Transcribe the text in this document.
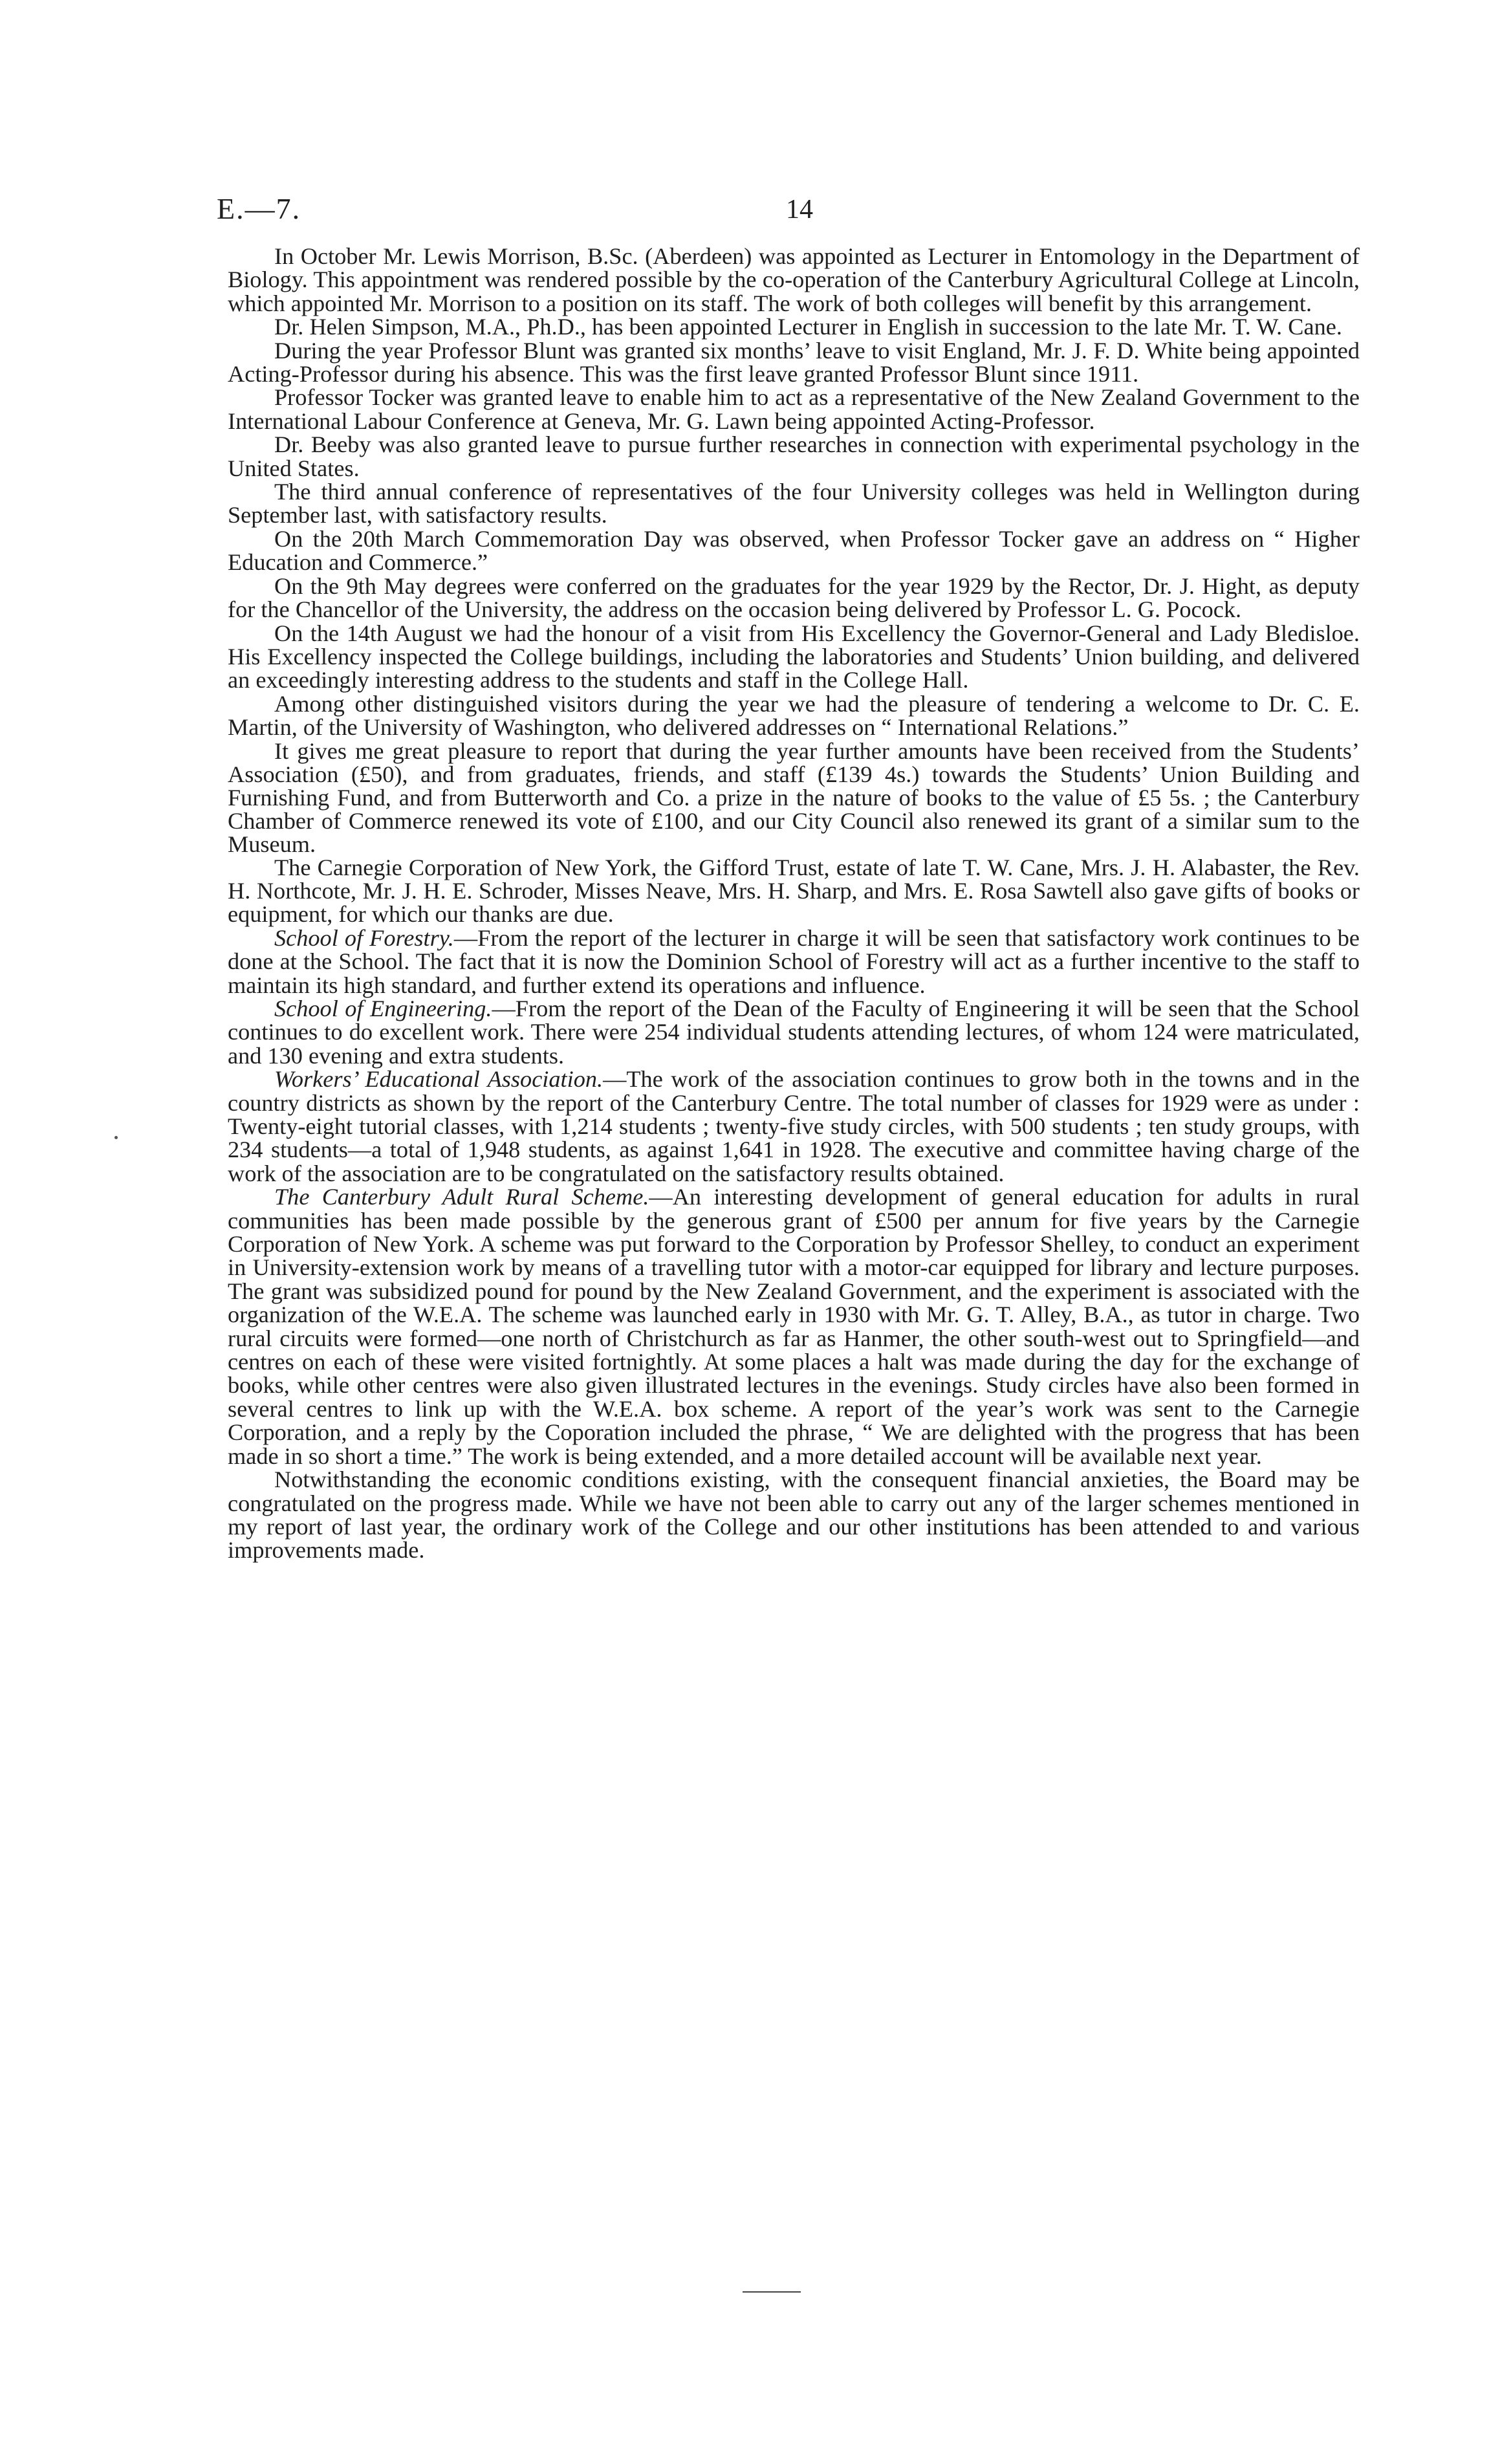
E.—7.	14

In October Mr. Lewis Morrison, B.Sc. (Aberdeen) was appointed as Lecturer in Entomology in the Department of Biology. This appointment was rendered possible by the co-operation of the Canterbury Agricultural College at Lincoln, which appointed Mr. Morrison to a position on its staff. The work of both colleges will benefit by this arrangement.

Dr. Helen Simpson, M.A., Ph.D., has been appointed Lecturer in English in succession to the late Mr. T. W. Cane.

During the year Professor Blunt was granted six months’ leave to visit England, Mr. J. F. D. White being appointed Acting-Professor during his absence. This was the first leave granted Professor Blunt since 1911.

Professor Tocker was granted leave to enable him to act as a representative of the New Zealand Government to the International Labour Conference at Geneva, Mr. G. Lawn being appointed Acting-Professor.

Dr. Beeby was also granted leave to pursue further researches in connection with experimental psychology in the United States.

The third annual conference of representatives of the four University colleges was held in Wellington during September last, with satisfactory results.

On the 20th March Commemoration Day was observed, when Professor Tocker gave an address on “ Higher Education and Commerce.”

On the 9th May degrees were conferred on the graduates for the year 1929 by the Rector, Dr. J. Hight, as deputy for the Chancellor of the University, the address on the occasion being delivered by Professor L. G. Pocock.

On the 14th August we had the honour of a visit from His Excellency the Governor-General and Lady Bledisloe. His Excellency inspected the College buildings, including the laboratories and Students’ Union building, and delivered an exceedingly interesting address to the students and staff in the College Hall.

Among other distinguished visitors during the year we had the pleasure of tendering a welcome to Dr. C. E. Martin, of the University of Washington, who delivered addresses on “ International Relations.”

It gives me great pleasure to report that during the year further amounts have been received from the Students’ Association (£50), and from graduates, friends, and staff (£139 4s.) towards the Students’ Union Building and Furnishing Fund, and from Butterworth and Co. a prize in the nature of books to the value of £5 5s. ; the Canterbury Chamber of Commerce renewed its vote of £100, and our City Council also renewed its grant of a similar sum to the Museum.

The Carnegie Corporation of New York, the Gifford Trust, estate of late T. W. Cane, Mrs. J. H. Alabaster, the Rev. H. Northcote, Mr. J. H. E. Schroder, Misses Neave, Mrs. H. Sharp, and Mrs. E. Rosa Sawtell also gave gifts of books or equipment, for which our thanks are due.

School of Forestry.—From the report of the lecturer in charge it will be seen that satisfactory work continues to be done at the School. The fact that it is now the Dominion School of Forestry will act as a further incentive to the staff to maintain its high standard, and further extend its operations and influence.

School of Engineering.—From the report of the Dean of the Faculty of Engineering it will be seen that the School continues to do excellent work. There were 254 individual students attending lectures, of whom 124 were matriculated, and 130 evening and extra students.

Workers’ Educational Association.—The work of the association continues to grow both in the towns and in the country districts as shown by the report of the Canterbury Centre. The total number of classes for 1929 were as under : Twenty-eight tutorial classes, with 1,214 students ; twenty-five study circles, with 500 students ; ten study groups, with 234 students—a total of 1,948 students, as against 1,641 in 1928. The executive and committee having charge of the work of the association are to be congratulated on the satisfactory results obtained.

The Canterbury Adult Rural Scheme.—An interesting development of general education for adults in rural communities has been made possible by the generous grant of £500 per annum for five years by the Carnegie Corporation of New York. A scheme was put forward to the Corporation by Professor Shelley, to conduct an experiment in University-extension work by means of a travelling tutor with a motor-car equipped for library and lecture purposes. The grant was subsidized pound for pound by the New Zealand Government, and the experiment is associated with the organization of the W.E.A. The scheme was launched early in 1930 with Mr. G. T. Alley, B.A., as tutor in charge. Two rural circuits were formed—one north of Christchurch as far as Hanmer, the other south-west out to Springfield—and centres on each of these were visited fortnightly. At some places a halt was made during the day for the exchange of books, while other centres were also given illustrated lectures in the evenings. Study circles have also been formed in several centres to link up with the W.E.A. box scheme. A report of the year’s work was sent to the Carnegie Corporation, and a reply by the Coporation included the phrase, “ We are delighted with the progress that has been made in so short a time.” The work is being extended, and a more detailed account will be available next year.

Notwithstanding the economic conditions existing, with the consequent financial anxieties, the Board may be congratulated on the progress made. While we have not been able to carry out any of the larger schemes mentioned in my report of last year, the ordinary work of the College and our other institutions has been attended to and various improvements made.
